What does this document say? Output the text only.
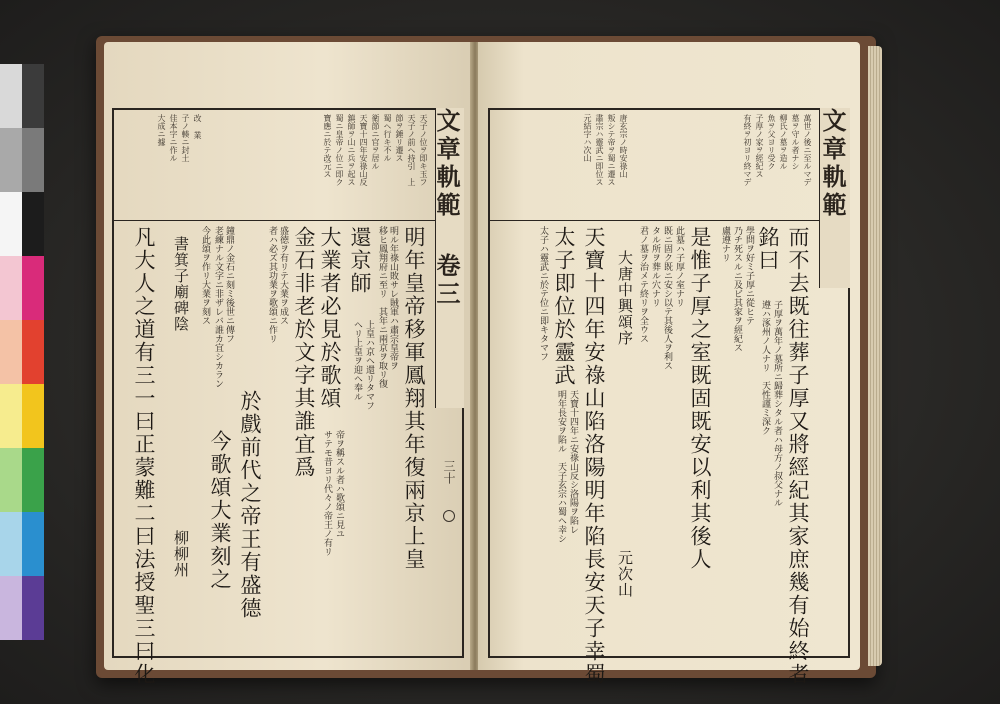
文章軌範 卷三
三十
天子ノ位ヲ即キ玉フ
天子ノ前ヘ持引　上
節ヲ錘リ遷ス
蜀ヘ行キ不ル
衛節ニ官ヲ居ル
天寶十四年安祿山反
鎮師ヲ山ニ兵ヲ起ス
蜀ニ皇帝ノ位ニ即ク
寶應ニ於テ改元ス
改 業
子ノ輳ニ封土
佳本字ニ作ル
大成ニ據
明年皇帝移軍鳳翔其年復兩京上皇
明ル年祿山敗サレ賊軍ハ肅宗皇帝ヲ
移ヒ鳳翔府ニ至リ　其年ニ兩京ヲ取リ復
還京師
上皇ハ京ヘ還リタマフ
ヘリ上皇ヲ迎ヘ奉ル
大業者必見於歌頌
帝ヲ稱スル者ハ歌頌ニ見ユ
サテモ昔ヨリ代々ノ帝王ノ有リ
金石非老於文字其誰宜爲
盛徳ヲ有リテ大業ヲ成ス
者ハ必ズ其功業ヲ歌頌ニ作リ
於戲前代之帝王有盛德
鐘鼎ノ金石ニ刻ミ後世ニ傳フ
老練ナル文字ニ非ザレバ誰カ宜シカラン
今歌頌大業刻之
今此頌ヲ作リ大業ヲ刻ス
書箕子廟碑陰
柳柳州
凡大人之道有三一曰正蒙難二曰法授聖三曰化
文章軌範
萬世ノ後ニ至ルマデ
墓ヲ守ル者ナシ
柳氏ノ墓ヲ造ル
魚ヲ父ヨリ受ク
子厚ノ家ヲ經紀ス
有終ヲ初ヨリ終マデ
唐玄宗ノ時安祿山
叛シテ帝ヲ蜀ニ遷ス
肅宗ハ靈武ニ即位ス
元結字ハ次山
而不去既往葬子厚又將經紀其家庶幾有始終者
銘曰
子厚ヲ萬年ノ墓所ニ歸葬シタル者ハ母方ノ叔父ナル
遵ハ涿州ノ人ナリ　天性謹ミ深ク
學問ヲ好ミ子厚ニ從ヒテ
乃チ死スルニ及ビ其家ヲ經紀ス
盧遵ナリ
是惟子厚之室既固既安以利其後人
此墓ハ子厚ノ室ナリ
既ニ固ク既ニ安シ以テ其後人ヲ利ス
タル所ヲ葬ル穴ナリ
君ノ墓ヲ治メテ終リヲ全ウス
大唐中興頌序
元次山
天寶十四年安祿山陷洛陽明年陷長安天子幸蜀
太子即位於靈武
天寶十四年ニ安祿山反シ洛陽ヲ陷レ
明年長安ヲ陷ル　天子玄宗ハ蜀ヘ幸シ
太子ハ靈武ニ於テ位ニ即キタマフ
